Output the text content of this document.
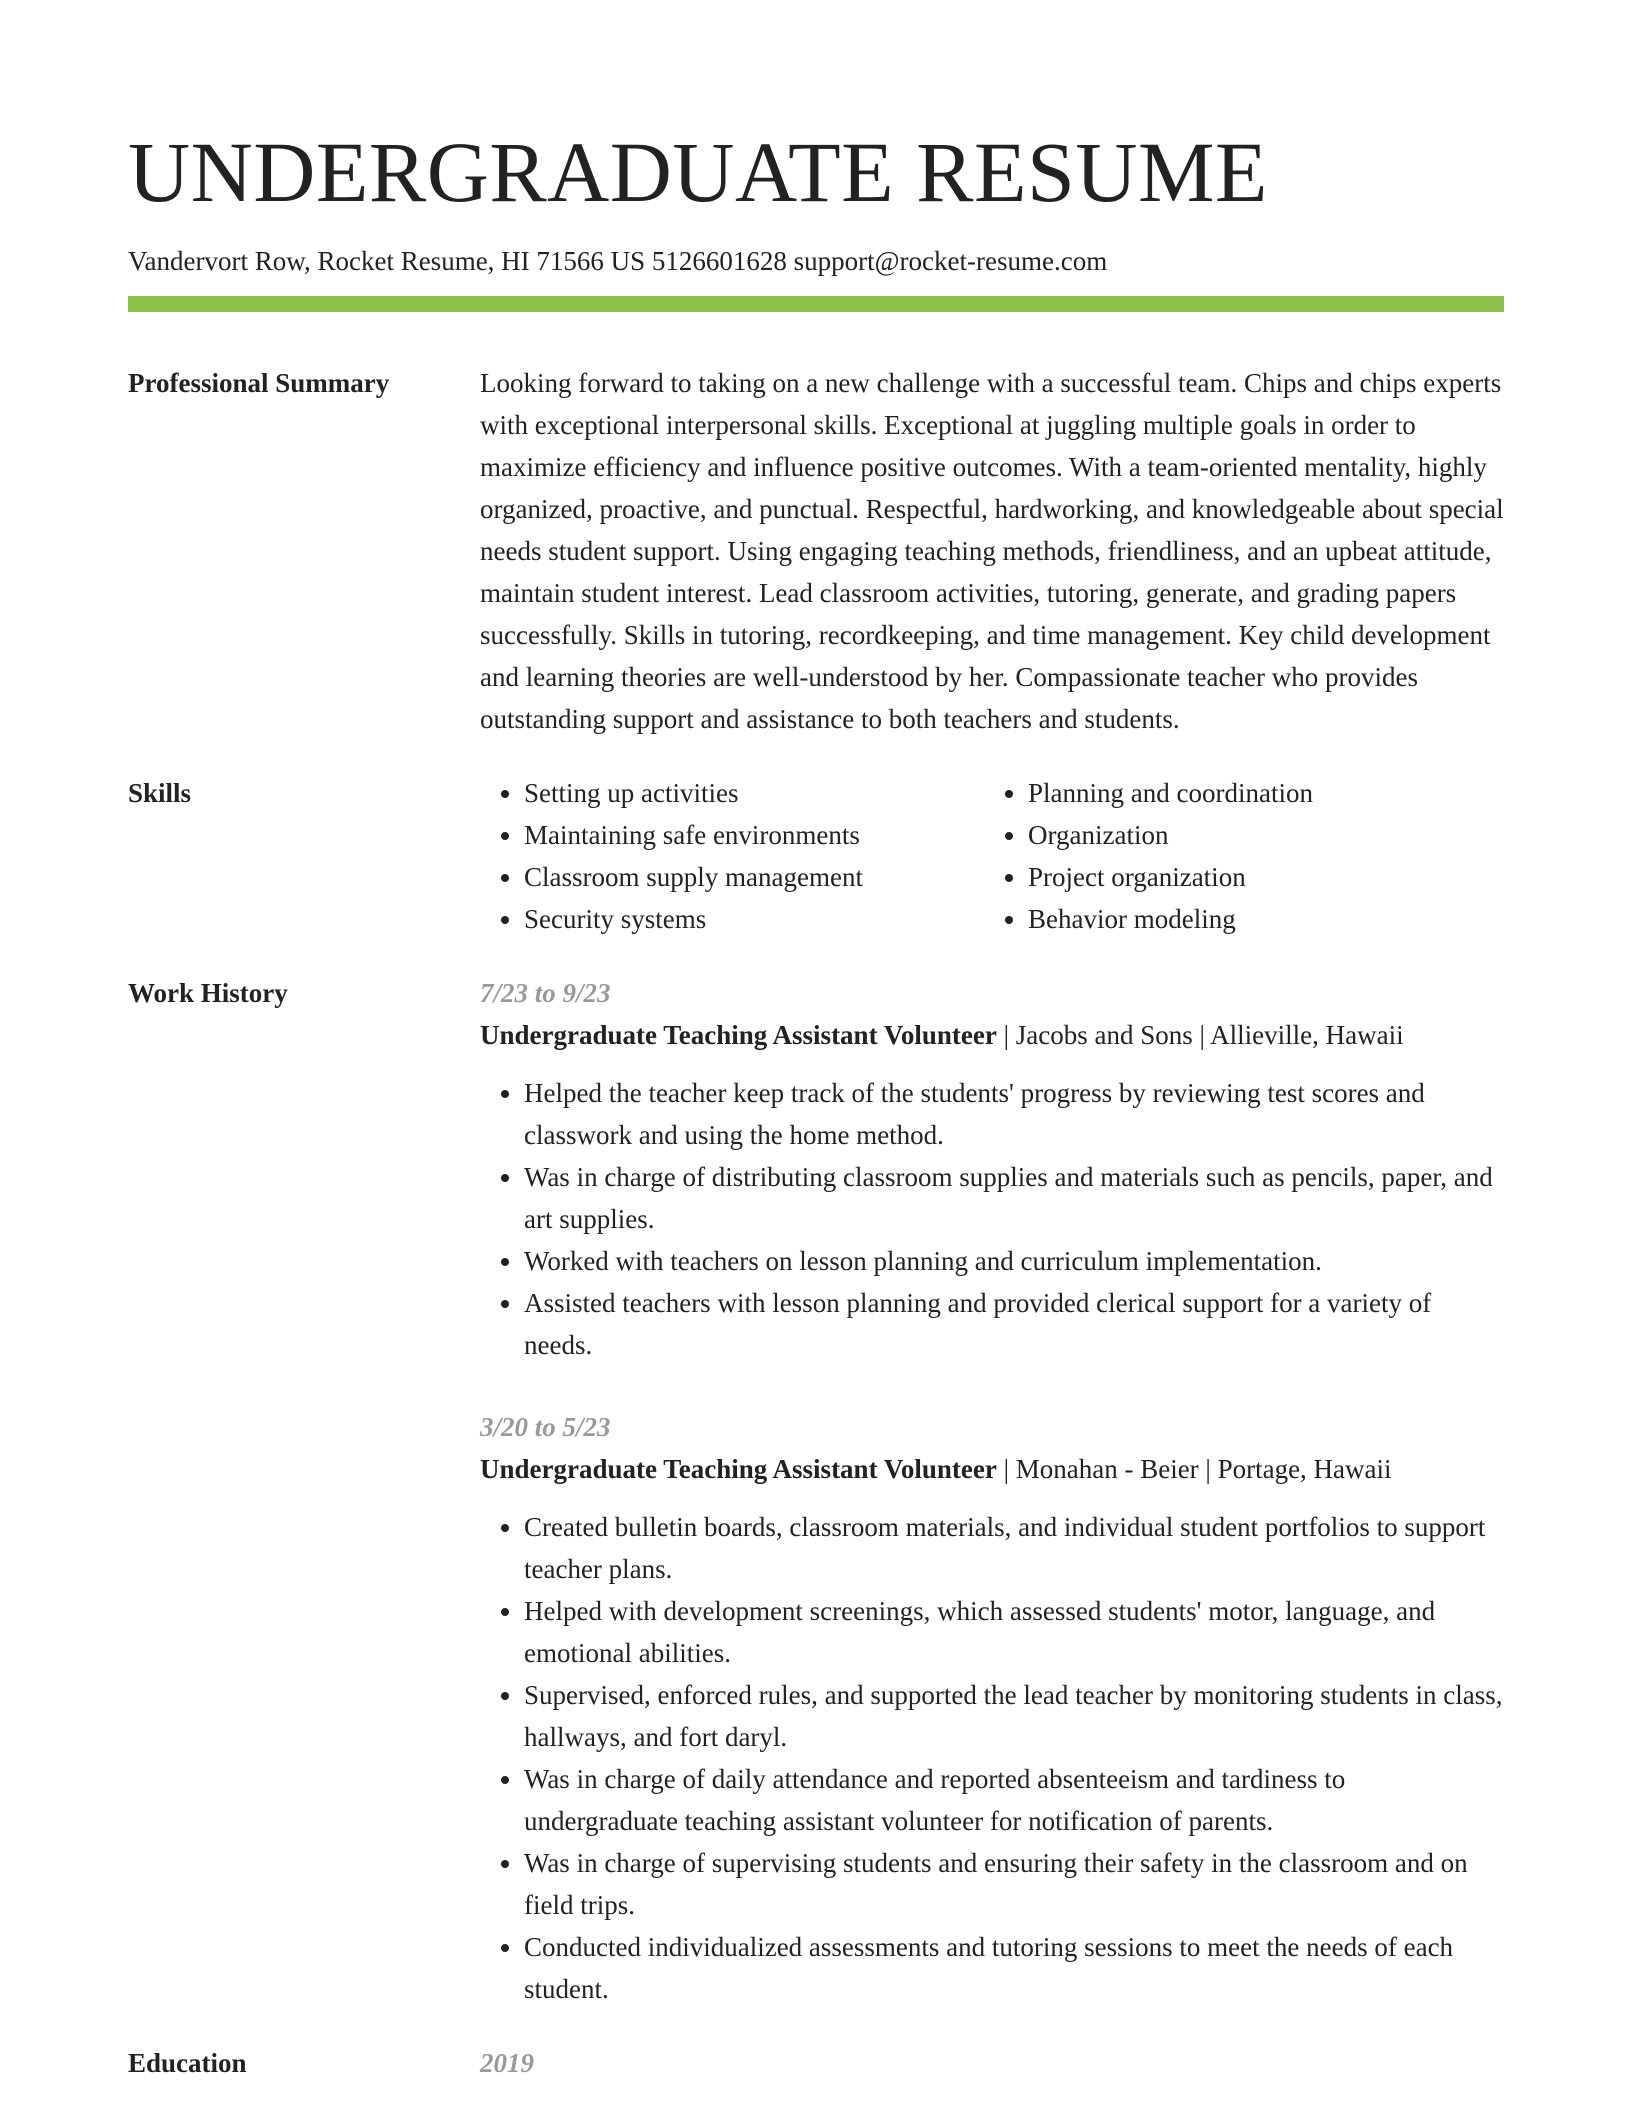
UNDERGRADUATE RESUME
Vandervort Row, Rocket Resume, HI 71566 US 5126601628 support@rocket-resume.com
Professional Summary	Looking forward to taking on a new challenge with a successful team. Chips and chips experts with exceptional interpersonal skills. Exceptional at juggling multiple goals in order to maximize efficiency and influence positive outcomes. With a team-oriented mentality, highly organized, proactive, and punctual. Respectful, hardworking, and knowledgeable about special needs student support. Using engaging teaching methods, friendliness, and an upbeat attitude, maintain student interest. Lead classroom activities, tutoring, generate, and grading papers successfully. Skills in tutoring, recordkeeping, and time management. Key child development and learning theories are well-understood by her. Compassionate teacher who provides outstanding support and assistance to both teachers and students.

Skills
•	Setting up activities
• Maintaining safe environments
• Classroom supply management
• Security systems
• Planning and coordination
• Organization
• Project organization
• Behavior modeling
Work History	7/23 to 9/23
Undergraduate Teaching Assistant Volunteer | Jacobs and Sons | Allieville, Hawaii
• Helped the teacher keep track of the students' progress by reviewing test scores and classwork and using the home method.
• Was in charge of distributing classroom supplies and materials such as pencils, paper, and art supplies.
• Worked with teachers on lesson planning and curriculum implementation.
• Assisted teachers with lesson planning and provided clerical support for a variety of needs.
3/20 to 5/23
Undergraduate Teaching Assistant Volunteer | Monahan - Beier | Portage, Hawaii
• Created bulletin boards, classroom materials, and individual student portfolios to support teacher plans.
• Helped with development screenings, which assessed students' motor, language, and emotional abilities.
• Supervised, enforced rules, and supported the lead teacher by monitoring students in class, hallways, and fort daryl.
• Was in charge of daily attendance and reported absenteeism and tardiness to undergraduate teaching assistant volunteer for notification of parents.
• Was in charge of supervising students and ensuring their safety in the classroom and on field trips.
• Conducted individualized assessments and tutoring sessions to meet the needs of each student.
Education	2019
